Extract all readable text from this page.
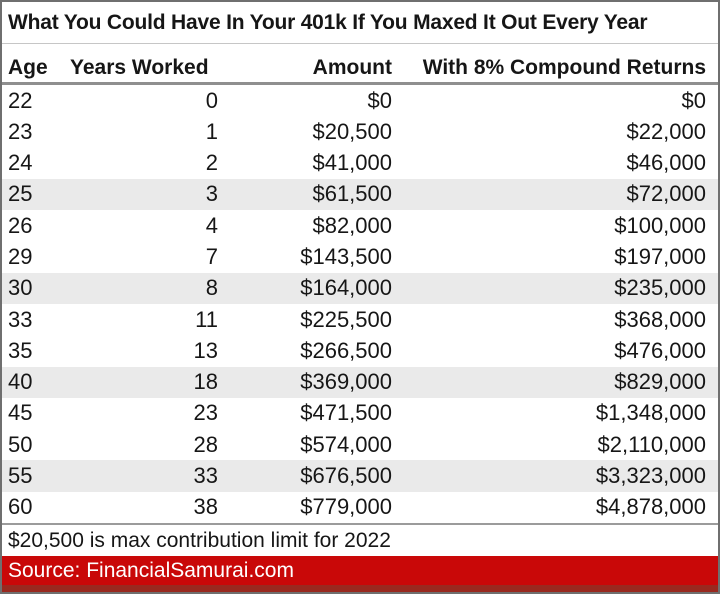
What You Could Have In Your 401k If You Maxed It Out Every Year
Age	Years Worked	Amount	With 8% Compound Returns
22	0	$0	$0
23	1	$20,500	$22,000
24	2	$41,000	$46,000
25	3	$61,500	$72,000
26	4	$82,000	$100,000
29	7	$143,500	$197,000
30	8	$164,000	$235,000
33	11	$225,500	$368,000
35	13	$266,500	$476,000
40	18	$369,000	$829,000
45	23	$471,500	$1,348,000
50	28	$574,000	$2,110,000
55	33	$676,500	$3,323,000
60	38	$779,000	$4,878,000
$20,500 is max contribution limit for 2022
Source: FinancialSamurai.com
